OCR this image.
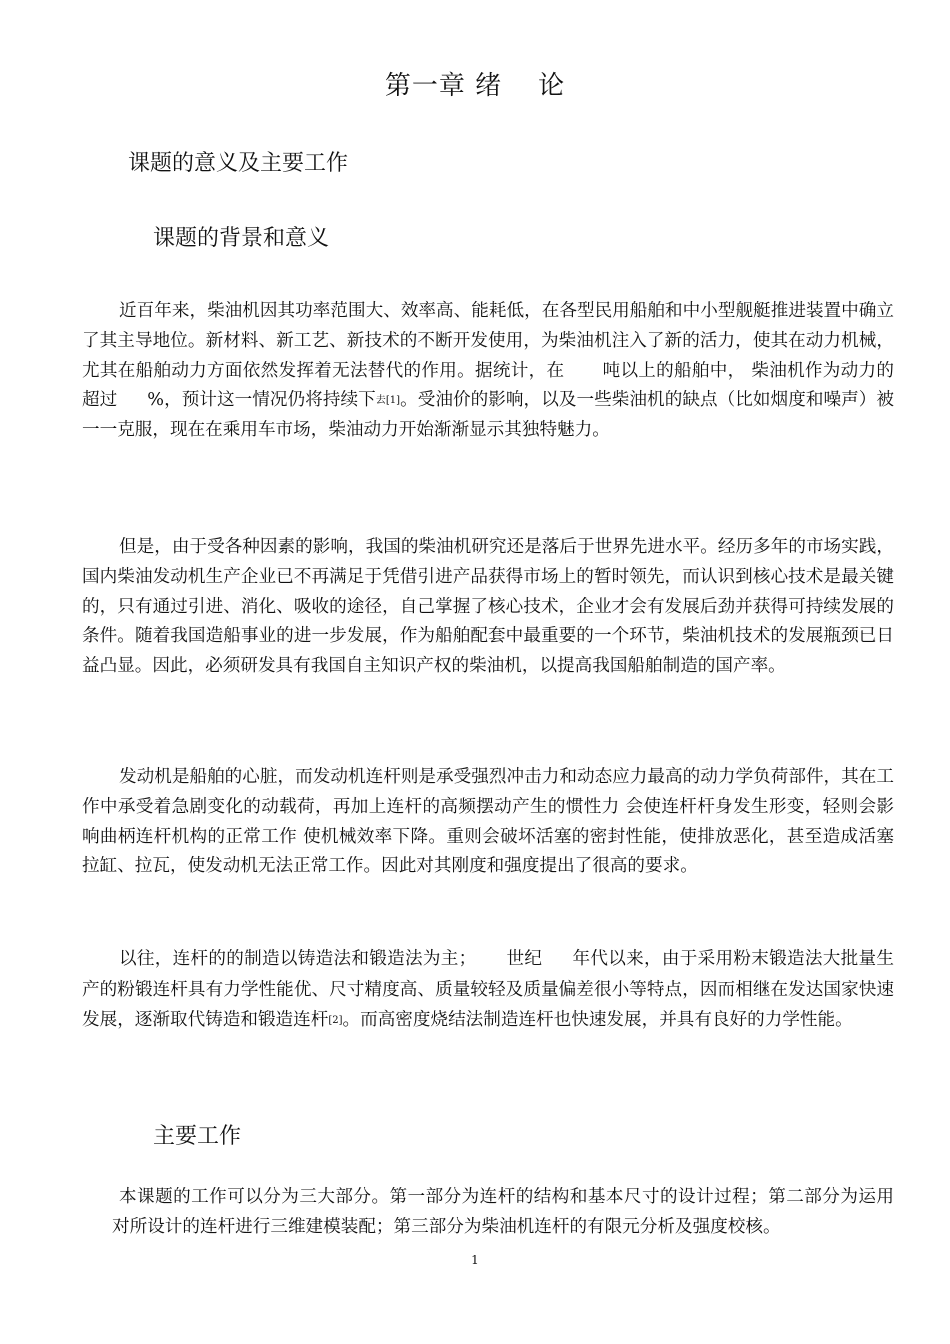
第一章 绪 论
课题的意义及主要工作
课题的背景和意义

近百年来，柴油机因其功率范围大、效率高、能耗低，在各型民用船舶和中小型舰艇推进装置中确立了其主导地位。新材料、新工艺、新技术的不断开发使用，为柴油机注入了新的活力，使其在动力机械，尤其在船舶动力方面依然发挥着无法替代的作用。据统计，在 吨以上的船舶中， 柴油机作为动力的超过 %，预计这一情况仍将持续下去[1]。受油价的影响，以及一些柴油机的缺点（比如烟度和噪声）被一一克服，现在在乘用车市场，柴油动力开始渐渐显示其独特魅力。

但是，由于受各种因素的影响，我国的柴油机研究还是落后于世界先进水平。经历多年的市场实践，国内柴油发动机生产企业已不再满足于凭借引进产品获得市场上的暂时领先，而认识到核心技术是最关键的，只有通过引进、消化、吸收的途径，自己掌握了核心技术，企业才会有发展后劲并获得可持续发展的条件。随着我国造船事业的进一步发展，作为船舶配套中最重要的一个环节，柴油机技术的发展瓶颈已日益凸显。因此，必须研发具有我国自主知识产权的柴油机，以提高我国船舶制造的国产率。

发动机是船舶的心脏，而发动机连杆则是承受强烈冲击力和动态应力最高的动力学负荷部件，其在工作中承受着急剧变化的动载荷，再加上连杆的高频摆动产生的惯性力 会使连杆杆身发生形变，轻则会影响曲柄连杆机构的正常工作 使机械效率下降。重则会破坏活塞的密封性能，使排放恶化，甚至造成活塞拉缸、拉瓦，使发动机无法正常工作。因此对其刚度和强度提出了很高的要求。

以往，连杆的的制造以铸造法和锻造法为主； 世纪 年代以来，由于采用粉末锻造法大批量生产的粉锻连杆具有力学性能优、尺寸精度高、质量较轻及质量偏差很小等特点，因而相继在发达国家快速发展，逐渐取代铸造和锻造连杆[2]。而高密度烧结法制造连杆也快速发展，并具有良好的力学性能。

主要工作

本课题的工作可以分为三大部分。第一部分为连杆的结构和基本尺寸的设计过程；第二部分为运用对所设计的连杆进行三维建模装配；第三部分为柴油机连杆的有限元分析及强度校核。

1
